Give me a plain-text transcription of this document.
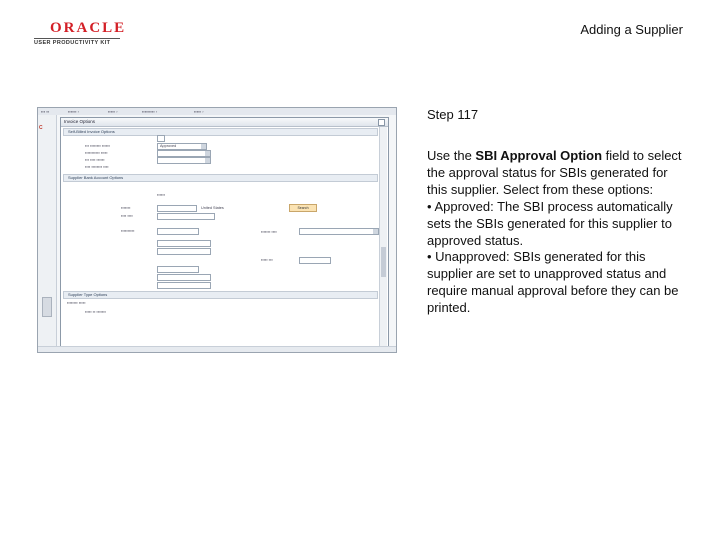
ORACLE
USER PRODUCTIVITY KIT
Adding a Supplier
▪▪▪ ▪▪	▪▪▪▪▪▪ ›	▪▪▪▪▪ ›	▪▪▪▪▪▪▪▪▪ ›	▪▪▪▪▪ ›
C
Invoice Options
Self-Billed Invoice Options
▪▪▪ ▪▪▪▪▪▪▪▪ ▪▪▪▪▪▪	Approved
▪▪▪▪▪▪▪▪▪▪▪ ▪▪▪▪▪
▪▪▪ ▪▪▪▪ ▪▪▪▪▪▪
▪▪▪▪ ▪▪▪▪▪▪▪▪ ▪▪▪▪
Supplier Bank Account Options
▪▪▪▪▪▪
▪▪▪▪▪▪▪	United States	Search
▪▪▪▪ ▪▪▪▪
▪▪▪▪▪▪▪▪▪▪	▪▪▪▪▪▪▪ ▪▪▪▪
▪▪▪▪▪ ▪▪▪
Supplier Type Options
▪▪▪▪▪▪▪▪ ▪▪▪▪▪
▪▪▪▪▪ ▪▪ ▪▪▪▪▪▪▪
Step 117

Use the SBI Approval Option field to select the approval status for SBIs generated for this supplier. Select from these options:

• Approved: The SBI process automatically sets the SBIs generated for this supplier to approved status.

• Unapproved: SBIs generated for this supplier are set to unapproved status and require manual approval before they can be printed.
